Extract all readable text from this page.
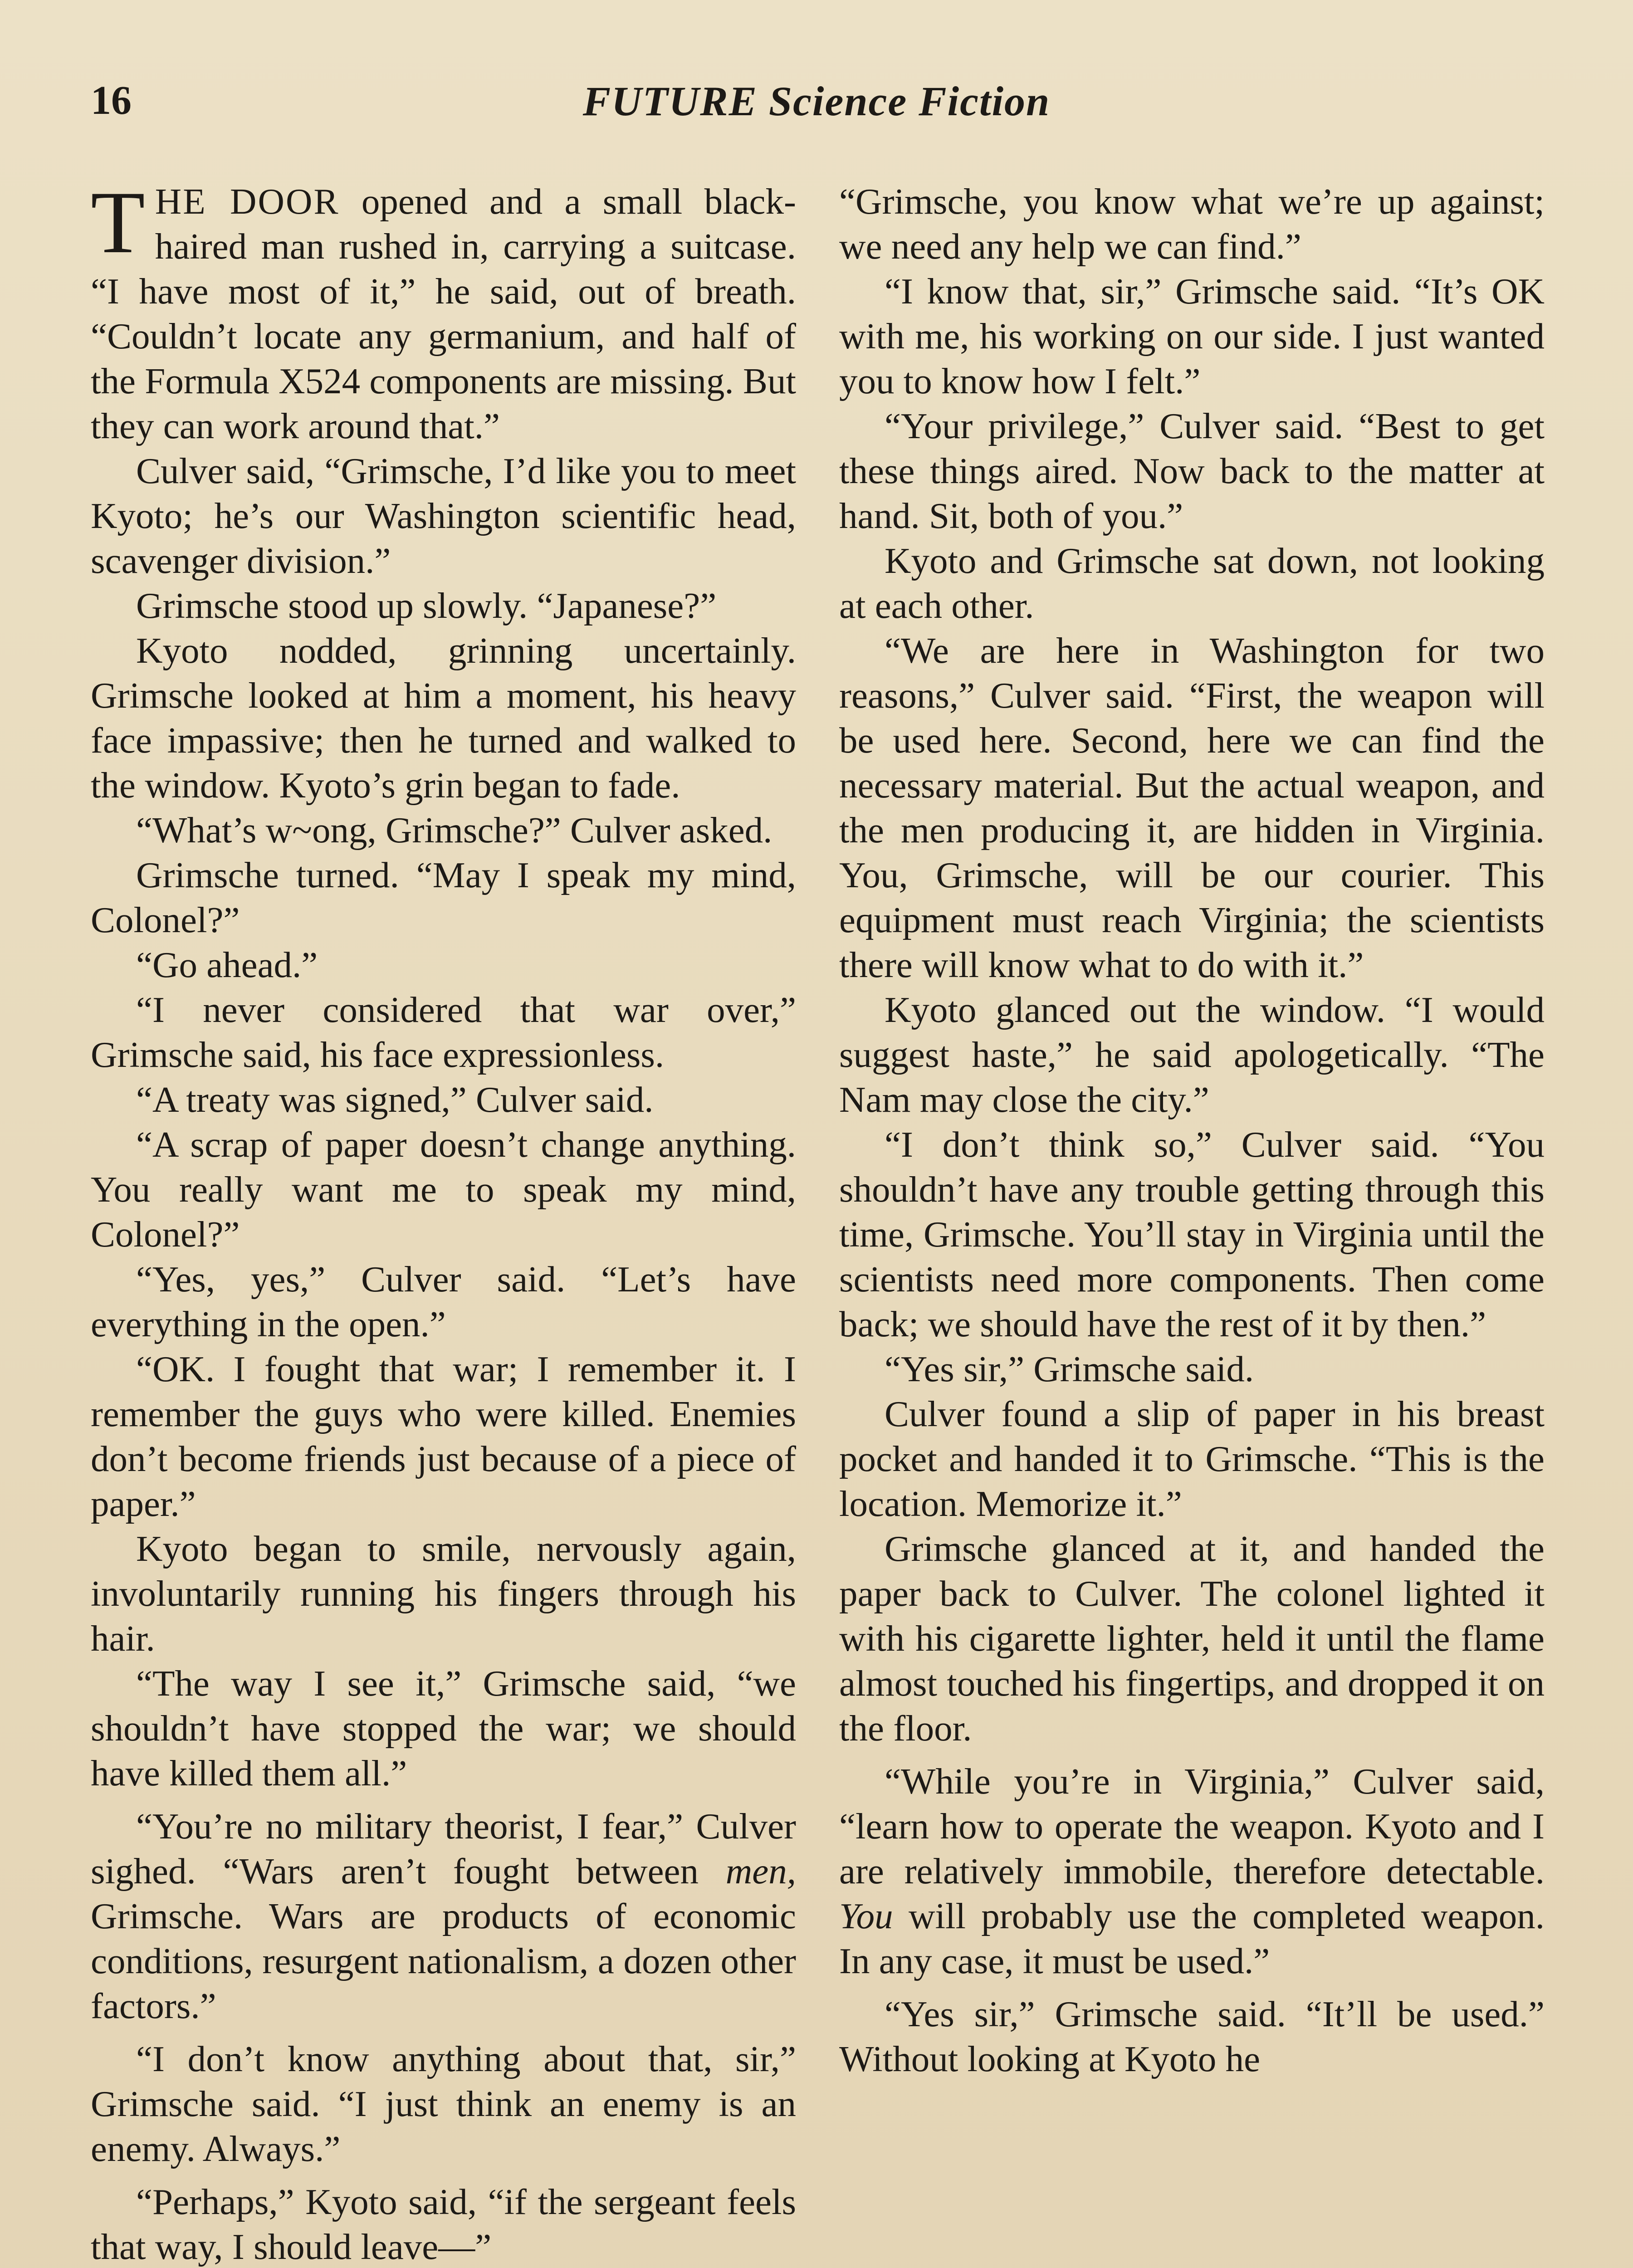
16	FUTURE Science Fiction

THE DOOR opened and a small black-haired man rushed in, carrying a suitcase. “I have most of it,” he said, out of breath. “Couldn’t locate any germanium, and half of the Formula X524 components are missing. But they can work around that.”

Culver said, “Grimsche, I’d like you to meet Kyoto; he’s our Washington scientific head, scavenger division.”

Grimsche stood up slowly. “Japanese?”

Kyoto nodded, grinning uncertainly. Grimsche looked at him a moment, his heavy face impassive; then he turned and walked to the window. Kyoto’s grin began to fade.

“What’s w~ong, Grimsche?” Culver asked.

Grimsche turned. “May I speak my mind, Colonel?”

“Go ahead.”

“I never considered that war over,” Grimsche said, his face expressionless.

“A treaty was signed,” Culver said.

“A scrap of paper doesn’t change anything. You really want me to speak my mind, Colonel?”

“Yes, yes,” Culver said. “Let’s have everything in the open.”

“OK. I fought that war; I remember it. I remember the guys who were killed. Enemies don’t become friends just because of a piece of paper.”

Kyoto began to smile, nervously again, involuntarily running his fingers through his hair.

“The way I see it,” Grimsche said, “we shouldn’t have stopped the war; we should have killed them all.”

“You’re no military theorist, I fear,” Culver sighed. “Wars aren’t fought between men, Grimsche. Wars are products of economic conditions, resurgent nationalism, a dozen other factors.”

“I don’t know anything about that, sir,” Grimsche said. “I just think an enemy is an enemy. Always.”

“Perhaps,” Kyoto said, “if the sergeant feels that way, I should leave—”

“Grimsche, you know what we’re up against; we need any help we can find.”

“I know that, sir,” Grimsche said. “It’s OK with me, his working on our side. I just wanted you to know how I felt.”

“Your privilege,” Culver said. “Best to get these things aired. Now back to the matter at hand. Sit, both of you.”

Kyoto and Grimsche sat down, not looking at each other.

“We are here in Washington for two reasons,” Culver said. “First, the weapon will be used here. Second, here we can find the necessary material. But the actual weapon, and the men producing it, are hidden in Virginia. You, Grimsche, will be our courier. This equipment must reach Virginia; the scientists there will know what to do with it.”

Kyoto glanced out the window. “I would suggest haste,” he said apologetically. “The Nam may close the city.”

“I don’t think so,” Culver said. “You shouldn’t have any trouble getting through this time, Grimsche. You’ll stay in Virginia until the scientists need more components. Then come back; we should have the rest of it by then.”

“Yes sir,” Grimsche said.

Culver found a slip of paper in his breast pocket and handed it to Grimsche. “This is the location. Memorize it.”

Grimsche glanced at it, and handed the paper back to Culver. The colonel lighted it with his cigarette lighter, held it until the flame almost touched his fingertips, and dropped it on the floor.

“While you’re in Virginia,” Culver said, “learn how to operate the weapon. Kyoto and I are relatively immobile, therefore detectable. You will probably use the completed weapon. In any case, it must be used.”

“Yes sir,” Grimsche said. “It’ll be used.” Without looking at Kyoto he
